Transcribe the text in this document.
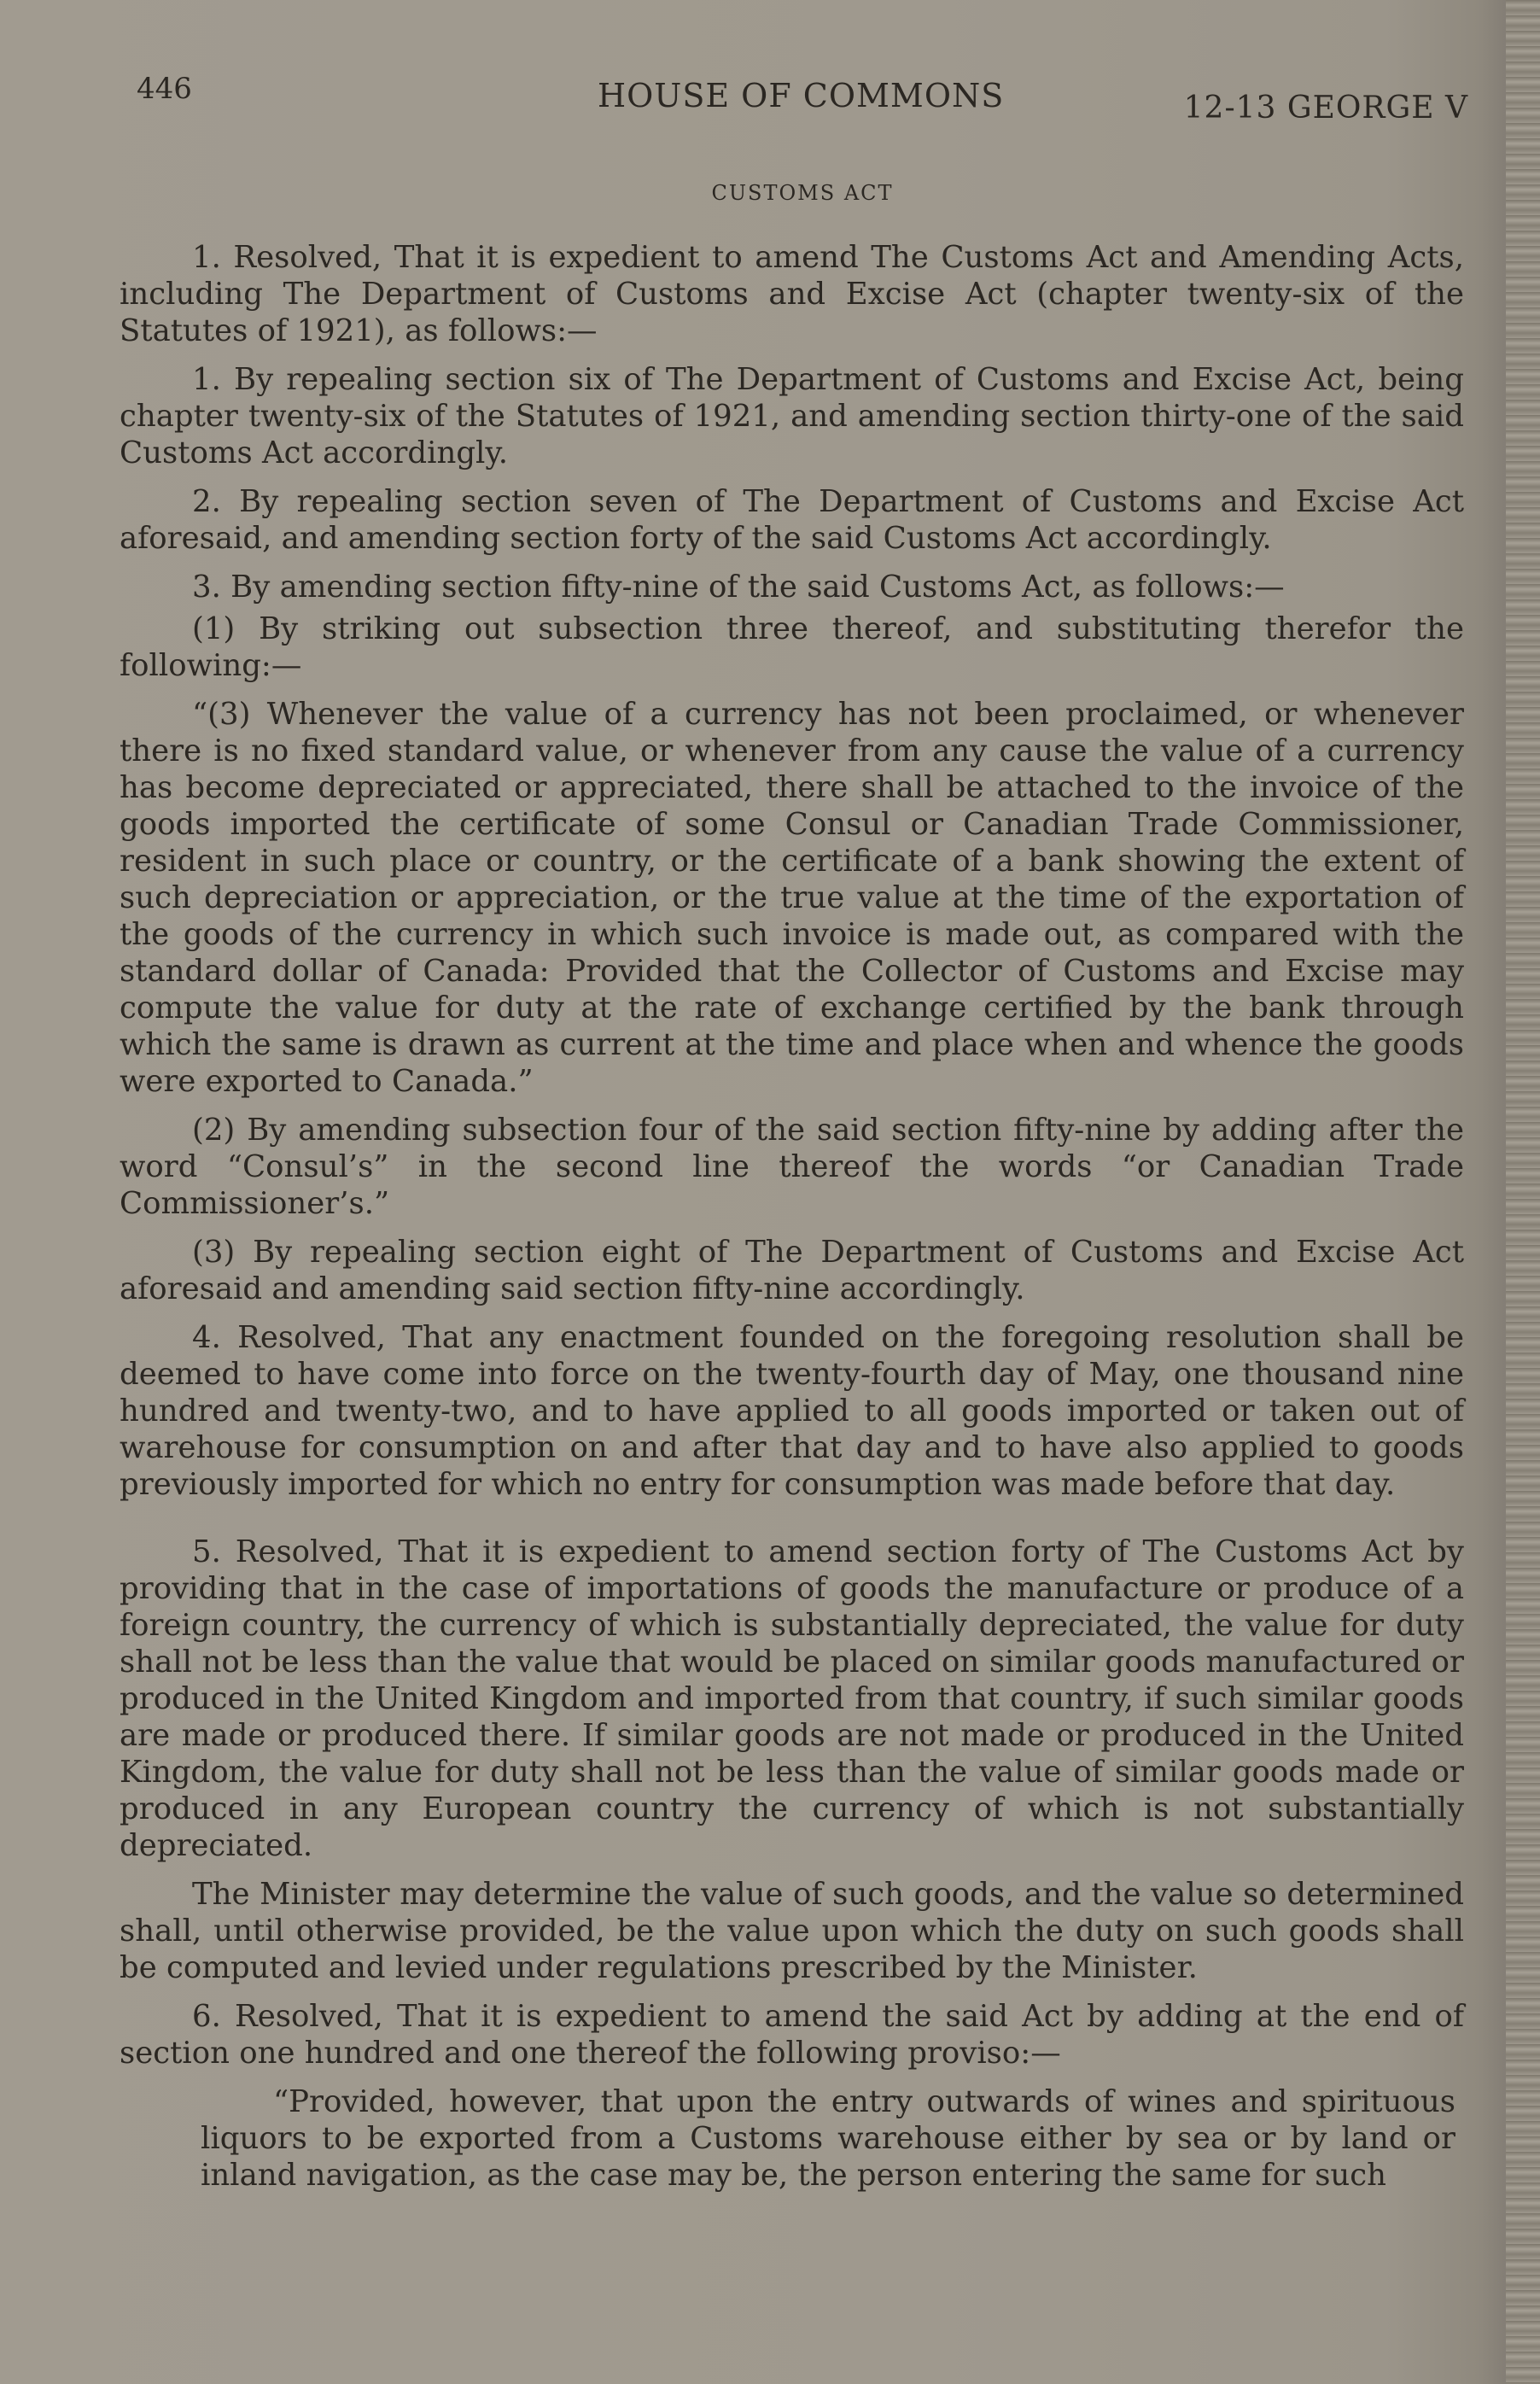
446	HOUSE OF COMMONS	12-13 GEORGE V
CUSTOMS ACT

1. Resolved, That it is expedient to amend The Customs Act and Amending Acts, including The Department of Customs and Excise Act (chapter twenty-six of the Statutes of 1921), as follows:—

1. By repealing section six of The Department of Customs and Excise Act, being chapter twenty-six of the Statutes of 1921, and amending section thirty-one of the said Customs Act accordingly.

2. By repealing section seven of The Department of Customs and Excise Act aforesaid, and amending section forty of the said Customs Act accordingly.

3. By amending section fifty-nine of the said Customs Act, as follows:—

(1) By striking out subsection three thereof, and substituting therefor the following:—

“(3) Whenever the value of a currency has not been proclaimed, or whenever there is no fixed standard value, or whenever from any cause the value of a currency has become depreciated or appreciated, there shall be attached to the invoice of the goods imported the certificate of some Consul or Canadian Trade Commissioner, resident in such place or country, or the certificate of a bank showing the extent of such depreciation or appreciation, or the true value at the time of the exportation of the goods of the currency in which such invoice is made out, as compared with the standard dollar of Canada: Provided that the Collector of Customs and Excise may compute the value for duty at the rate of exchange certified by the bank through which the same is drawn as current at the time and place when and whence the goods were exported to Canada.”

(2) By amending subsection four of the said section fifty-nine by adding after the word “Consul’s” in the second line thereof the words “or Canadian Trade Commissioner’s.”

(3) By repealing section eight of The Department of Customs and Excise Act aforesaid and amending said section fifty-nine accordingly.

4. Resolved, That any enactment founded on the foregoing resolution shall be deemed to have come into force on the twenty-fourth day of May, one thousand nine hundred and twenty-two, and to have applied to all goods imported or taken out of warehouse for consumption on and after that day and to have also applied to goods previously imported for which no entry for consumption was made before that day.

5. Resolved, That it is expedient to amend section forty of The Customs Act by providing that in the case of importations of goods the manufacture or produce of a foreign country, the currency of which is substantially depreciated, the value for duty shall not be less than the value that would be placed on similar goods manufactured or produced in the United Kingdom and imported from that country, if such similar goods are made or produced there. If similar goods are not made or produced in the United Kingdom, the value for duty shall not be less than the value of similar goods made or produced in any European country the currency of which is not substantially depreciated.

The Minister may determine the value of such goods, and the value so determined shall, until otherwise provided, be the value upon which the duty on such goods shall be computed and levied under regulations prescribed by the Minister.

6. Resolved, That it is expedient to amend the said Act by adding at the end of section one hundred and one thereof the following proviso:—

“Provided, however, that upon the entry outwards of wines and spirituous liquors to be exported from a Customs warehouse either by sea or by land or inland navigation, as the case may be, the person entering the same for such
